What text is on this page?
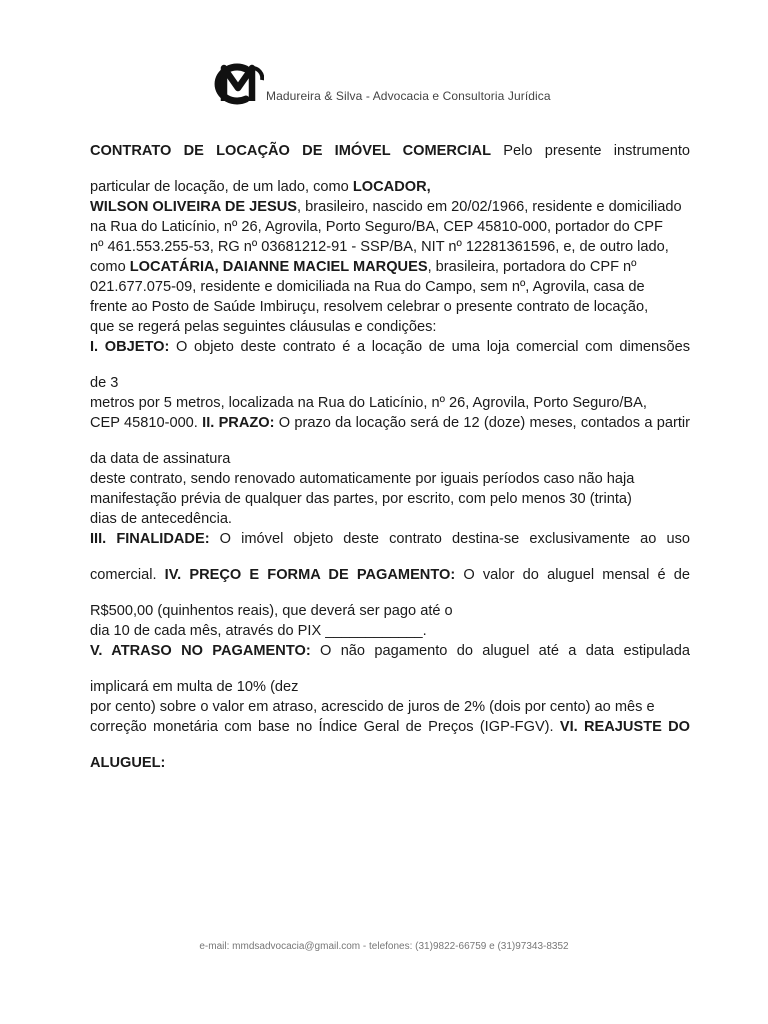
Madureira & Silva - Advocacia e Consultoria Jurídica

CONTRATO DE LOCAÇÃO DE IMÓVEL COMERCIAL Pelo presente instrumento

particular de locação, de um lado, como LOCADOR,

WILSON OLIVEIRA DE JESUS, brasileiro, nascido em 20/02/1966, residente e domiciliado

na Rua do Laticínio, nº 26, Agrovila, Porto Seguro/BA, CEP 45810-000, portador do CPF

nº 461.553.255-53, RG nº 03681212-91 - SSP/BA, NIT nº 12281361596, e, de outro lado,

como LOCATÁRIA, DAIANNE MACIEL MARQUES, brasileira, portadora do CPF nº

021.677.075-09, residente e domiciliada na Rua do Campo, sem nº, Agrovila, casa de

frente ao Posto de Saúde Imbiruçu, resolvem celebrar o presente contrato de locação,

que se regerá pelas seguintes cláusulas e condições:

I. OBJETO: O objeto deste contrato é a locação de uma loja comercial com dimensões

de 3

metros por 5 metros, localizada na Rua do Laticínio, nº 26, Agrovila, Porto Seguro/BA,

CEP 45810-000. II. PRAZO: O prazo da locação será de 12 (doze) meses, contados a partir

da data de assinatura

deste contrato, sendo renovado automaticamente por iguais períodos caso não haja

manifestação prévia de qualquer das partes, por escrito, com pelo menos 30 (trinta)

dias de antecedência.

III. FINALIDADE: O imóvel objeto deste contrato destina-se exclusivamente ao uso

comercial. IV. PREÇO E FORMA DE PAGAMENTO: O valor do aluguel mensal é de

R$500,00 (quinhentos reais), que deverá ser pago até o

dia 10 de cada mês, através do PIX ____________.

V. ATRASO NO PAGAMENTO: O não pagamento do aluguel até a data estipulada

implicará em multa de 10% (dez

por cento) sobre o valor em atraso, acrescido de juros de 2% (dois por cento) ao mês e

correção monetária com base no Índice Geral de Preços (IGP-FGV). VI. REAJUSTE DO

ALUGUEL:

e-mail: mmdsadvocacia@gmail.com - telefones: (31)9822-66759 e (31)97343-8352
